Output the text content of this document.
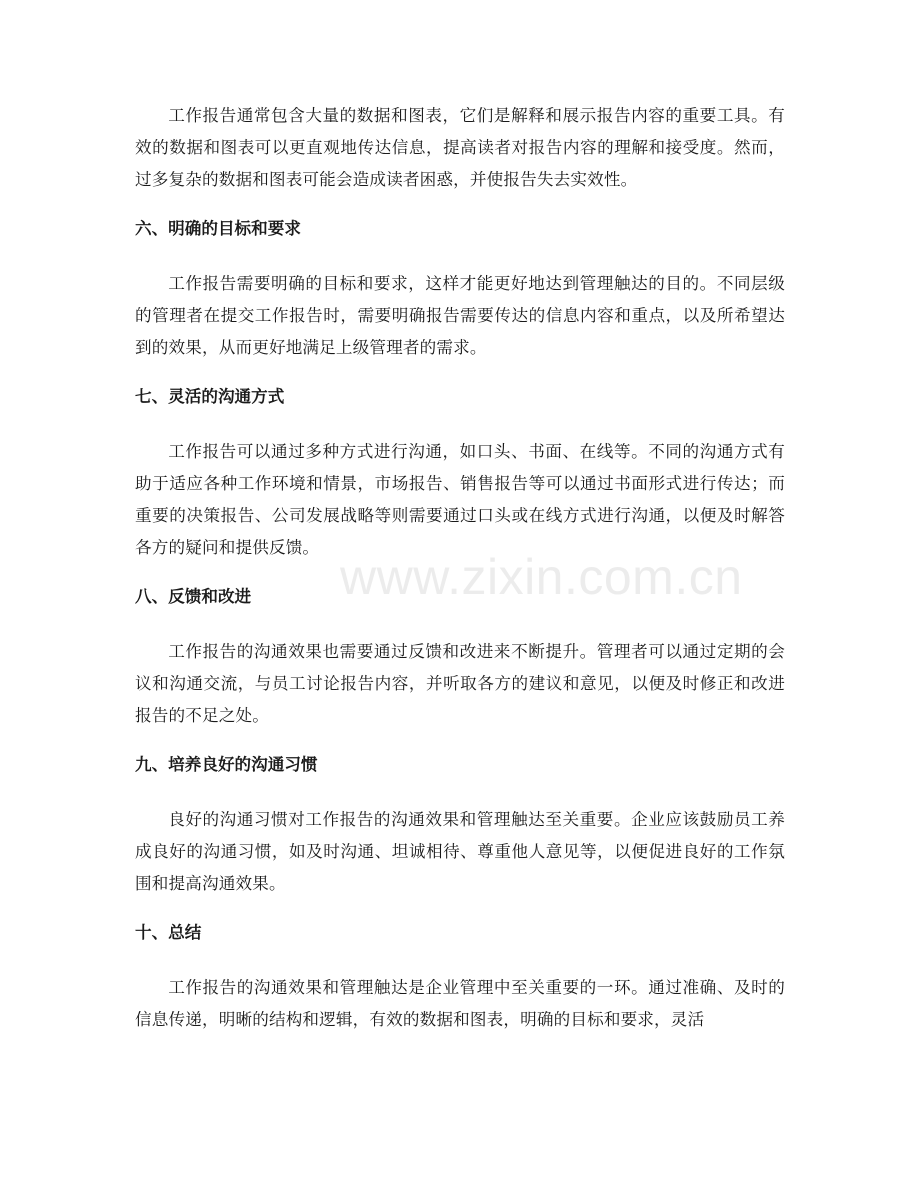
工作报告通常包含大量的数据和图表，它们是解释和展示报告内容的重要工具。有效的数据和图表可以更直观地传达信息，提高读者对报告内容的理解和接受度。然而，过多复杂的数据和图表可能会造成读者困惑，并使报告失去实效性。

六、明确的目标和要求

工作报告需要明确的目标和要求，这样才能更好地达到管理触达的目的。不同层级的管理者在提交工作报告时，需要明确报告需要传达的信息内容和重点，以及所希望达到的效果，从而更好地满足上级管理者的需求。

七、灵活的沟通方式

工作报告可以通过多种方式进行沟通，如口头、书面、在线等。不同的沟通方式有助于适应各种工作环境和情景，市场报告、销售报告等可以通过书面形式进行传达；而重要的决策报告、公司发展战略等则需要通过口头或在线方式进行沟通，以便及时解答各方的疑问和提供反馈。

八、反馈和改进

工作报告的沟通效果也需要通过反馈和改进来不断提升。管理者可以通过定期的会议和沟通交流，与员工讨论报告内容，并听取各方的建议和意见，以便及时修正和改进报告的不足之处。

九、培养良好的沟通习惯

良好的沟通习惯对工作报告的沟通效果和管理触达至关重要。企业应该鼓励员工养成良好的沟通习惯，如及时沟通、坦诚相待、尊重他人意见等，以便促进良好的工作氛围和提高沟通效果。

十、总结

工作报告的沟通效果和管理触达是企业管理中至关重要的一环。通过准确、及时的信息传递，明晰的结构和逻辑，有效的数据和图表，明确的目标和要求，灵活

www.zixin.com.cn
